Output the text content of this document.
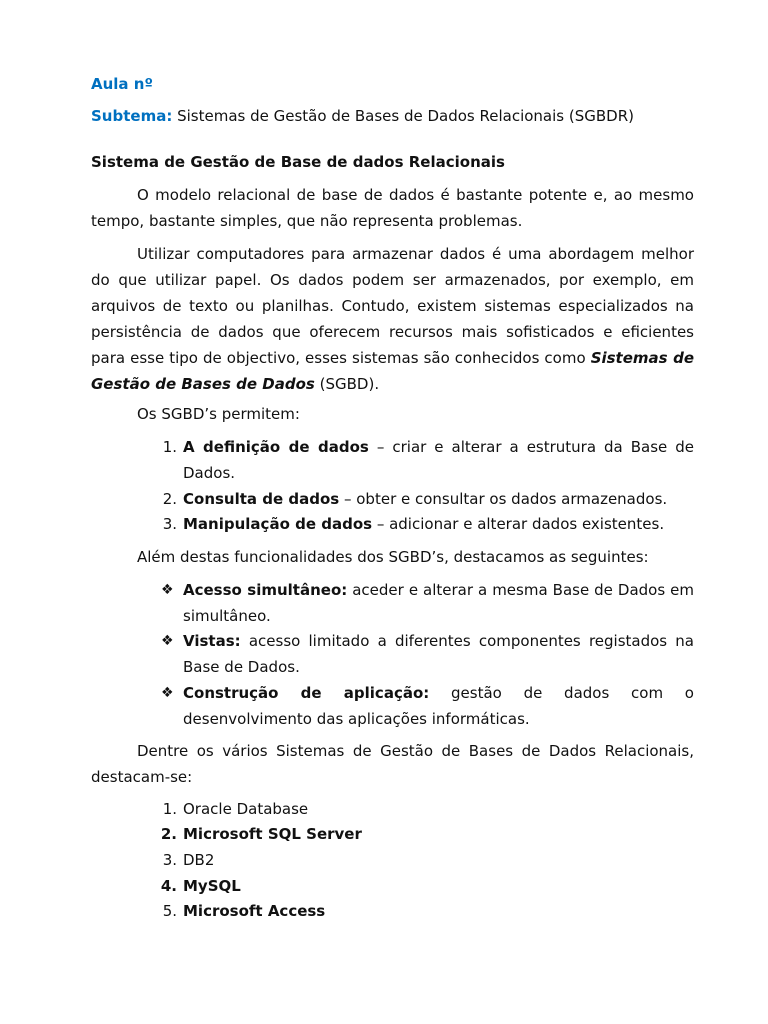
Aula nº
Subtema: Sistemas de Gestão de Bases de Dados Relacionais (SGBDR)
Sistema de Gestão de Base de dados Relacionais
O modelo relacional de base de dados é bastante potente e, ao mesmo
tempo, bastante simples, que não representa problemas.
Utilizar computadores para armazenar dados é uma abordagem melhor do que utilizar papel. Os dados podem ser armazenados, por exemplo, em arquivos de texto ou planilhas. Contudo, existem sistemas especializados na persistência de dados que oferecem recursos mais sofisticados e eficientes para esse tipo de objectivo, esses sistemas são conhecidos como Sistemas de Gestão de Bases de Dados (SGBD).
Os SGBD’s permitem:
1. A definição de dados – criar e alterar a estrutura da Base de Dados.
2. Consulta de dados – obter e consultar os dados armazenados.
3. Manipulação de dados – adicionar e alterar dados existentes.
Além destas funcionalidades dos SGBD’s, destacamos as seguintes:
❖ Acesso simultâneo: aceder e alterar a mesma Base de Dados em simultâneo.
❖ Vistas: acesso limitado a diferentes componentes registados na Base de Dados.
❖ Construção de aplicação: gestão de dados com o desenvolvimento das aplicações informáticas.
Dentre os vários Sistemas de Gestão de Bases de Dados Relacionais, destacam-se:
1. Oracle Database
2. Microsoft SQL Server
3. DB2
4. MySQL
5. Microsoft Access
